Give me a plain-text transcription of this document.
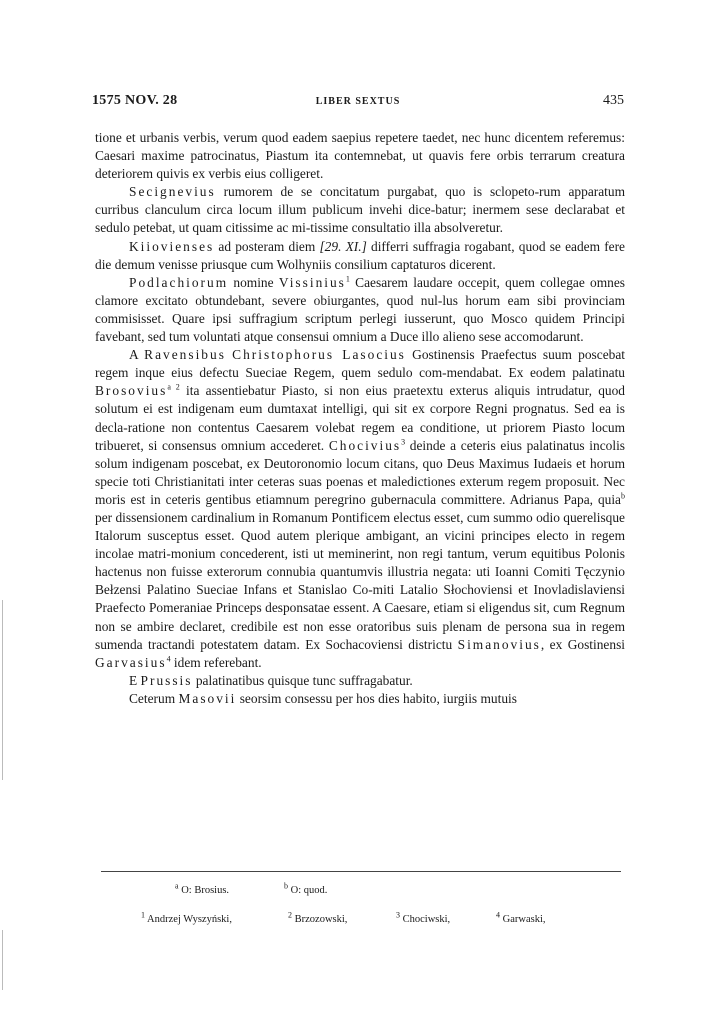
1575 NOV. 28	LIBER SEXTUS	435

tione et urbanis verbis, verum quod eadem saepius repetere taedet, nec hunc dicentem referemus: Caesari maxime patrocinatus, Piastum ita contemnebat, ut quavis fere orbis terrarum creatura deteriorem quivis ex verbis eius colligeret.

Secignevius rumorem de se concitatum purgabat, quo is sclopeto-rum apparatum curribus clanculum circa locum illum publicum invehi dice-batur; inermem sese declarabat et sedulo petebat, ut quam citissime ac mi-tissime consultatio illa absolveretur.

Kiiovienses ad posteram diem [29. XI.] differri suffragia rogabant, quod se eadem fere die demum venisse priusque cum Wolhyniis consilium captaturos dicerent.

Podlachiorum nomine Vissinius$^1$ Caesarem laudare occepit, quem collegae omnes clamore excitato obtundebant, severe obiurgantes, quod nul-lus horum eam sibi provinciam commisisset. Quare ipsi suffragium scriptum perlegi iusserunt, quo Mosco quidem Principi favebant, sed tum voluntati atque consensui omnium a Duce illo alieno sese accomodarunt.

A Ravensibus Christophorus Lasocius Gostinensis Praefectus suum poscebat regem inque eius defectu Sueciae Regem, quem sedulo com-mendabat. Ex eodem palatinatu Brosovius$^{a 2}$ ita assentiebatur Piasto, si non eius praetextu exterus aliquis intrudatur, quod solutum ei est indigenam eum dumtaxat intelligi, qui sit ex corpore Regni prognatus. Sed ea is decla-ratione non contentus Caesarem volebat regem ea conditione, ut priorem Piasto locum tribueret, si consensus omnium accederet. Chocivius$^3$ deinde a ceteris eius palatinatus incolis solum indigenam poscebat, ex Deutoronomio locum citans, quo Deus Maximus Iudaeis et horum specie toti Christianitati inter ceteras suas poenas et maledictiones exterum regem proposuit. Nec moris est in ceteris gentibus etiamnum peregrino gubernacula committere. Adrianus Papa, quia$^b$ per dissensionem cardinalium in Romanum Pontificem electus esset, cum summo odio querelisque Italorum susceptus esset. Quod autem plerique ambigant, an vicini principes electo in regem incolae matri-monium concederent, isti ut meminerint, non regi tantum, verum equitibus Polonis hactenus non fuisse exterorum connubia quantumvis illustria negata: uti Ioanni Comiti Tęczynio Bełzensi Palatino Sueciae Infans et Stanislao Co-miti Latalio Słochoviensi et Inovladislaviensi Praefecto Pomeraniae Princeps desponsatae essent. A Caesare, etiam si eligendus sit, cum Regnum non se ambire declaret, credibile est non esse oratoribus suis plenam de persona sua in regem sumenda tractandi potestatem datam. Ex Sochacoviensi districtu Simanovius, ex Gostinensi Garvasius$^4$ idem referebant.

E Prussis palatinatibus quisque tunc suffragabatur.

Ceterum Masovii seorsim consessu per hos dies habito, iurgiis mutuis

$^a$ O: Brosius.	$^b$ O: quod.
$^1$ Andrzej Wyszyński,	$^2$ Brzozowski,	$^3$ Chociwski,	$^4$ Garwaski,
